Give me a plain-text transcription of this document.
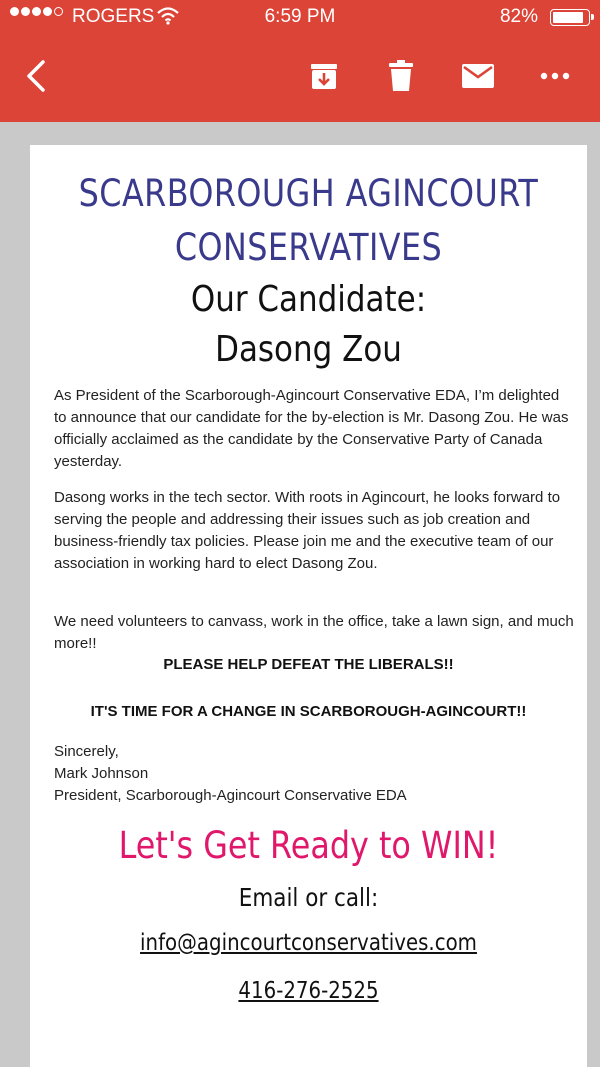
ROGERS	6:59 PM	82%
SCARBOROUGH AGINCOURT
CONSERVATIVES
Our Candidate:
Dasong Zou
As President of the Scarborough-Agincourt Conservative EDA, I’m delighted to announce that our candidate for the by-election is Mr. Dasong Zou. He was officially acclaimed as the candidate by the Conservative Party of Canada yesterday.
Dasong works in the tech sector. With roots in Agincourt, he looks forward to serving the people and addressing their issues such as job creation and business-friendly tax policies. Please join me and the executive team of our association in working hard to elect Dasong Zou.
We need volunteers to canvass, work in the office, take a lawn sign, and much more!!
PLEASE HELP DEFEAT THE LIBERALS!!
IT'S TIME FOR A CHANGE IN SCARBOROUGH-AGINCOURT!!
Sincerely,
Mark Johnson
President, Scarborough-Agincourt Conservative EDA
Let's Get Ready to WIN!
Email or call:
info@agincourtconservatives.com
416-276-2525
